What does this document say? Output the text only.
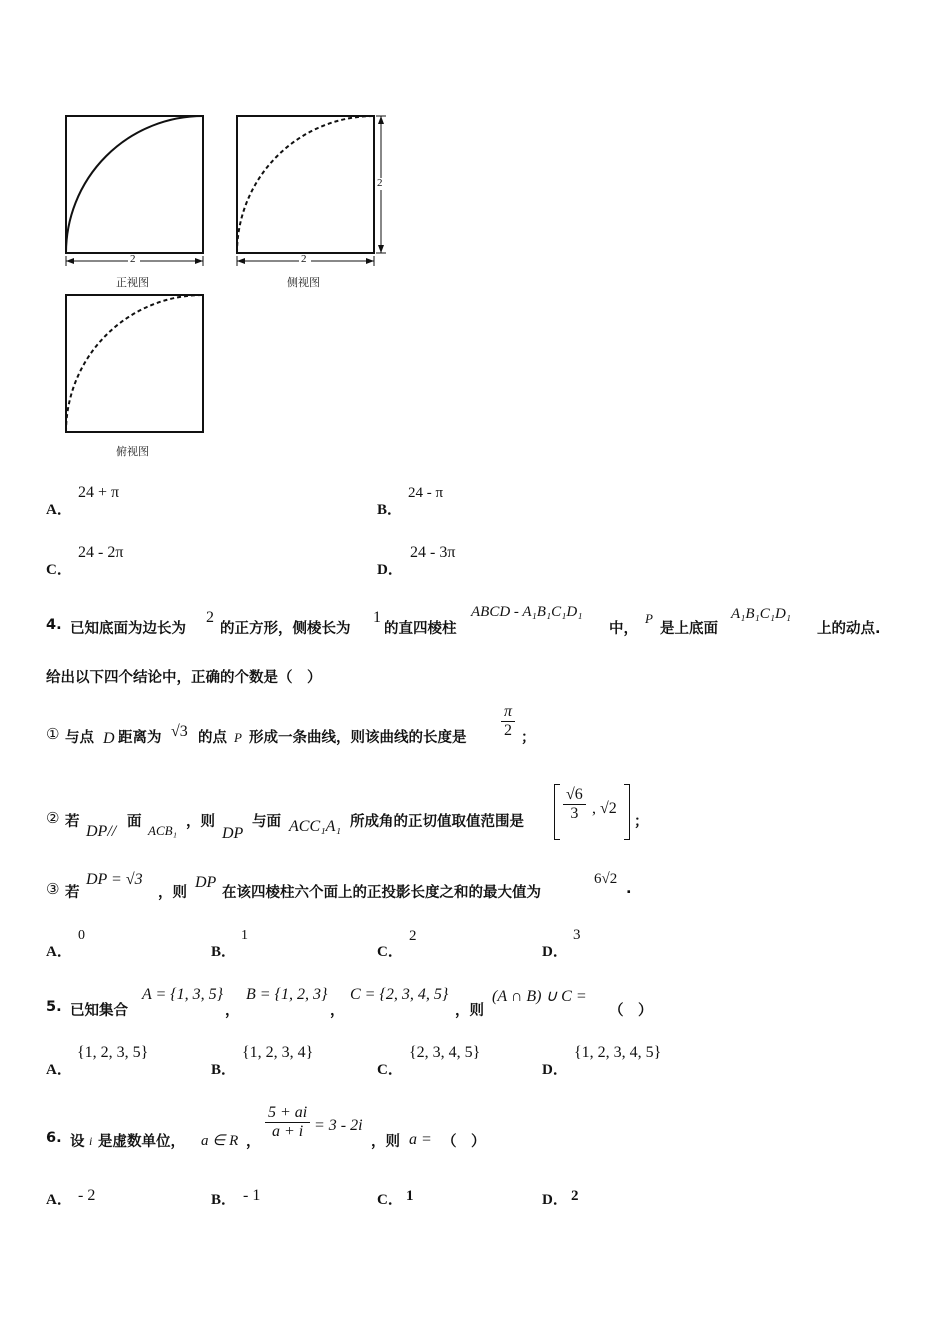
2	2
2
正视图	侧视图
俯视图
A．
24 + π
B．
24 - π
C．
24 - 2π
D．
24 - 3π
4. 已知底面为边长为
2
的正方形，侧棱长为
1
的直四棱柱
ABCD - A₁B₁C₁D₁
中，
P
是上底面
A₁B₁C₁D₁
上的动点.
给出以下四个结论中，正确的个数是（　）
① 与点 D 距离为 √3 的点 P 形成一条曲线，则该曲线的长度是 $\frac{\pi}{2}$ ；
② 若
DP//
面
ACB₁
，则
DP
与面 ACC₁A₁ 所成角的正切值取值范围是 $\frac{√6}{3}$ , √2
；
③ 若
DP = √3
，则
DP
在该四棱柱六个面上的正投影长度之和的最大值为
6√2
.
A．
0
B．
1
C．
2
D．
3
5. 已知集合
A = {1, 3, 5}
，
B = {1, 2, 3}
，
C = {2, 3, 4, 5}
，则
(A ∩ B) ∪ C =
（　）
A．
{1, 2, 3, 5}
B．
{1, 2, 3, 4}
C．
{2, 3, 4, 5}
D．
{1, 2, 3, 4, 5}
6. 设 i 是虚数单位， a ∈ R ，
$\frac{5 + ai}{a + i} = 3 - 2i$
，则 a = （　）
A． - 2	B． - 1	C． 1	D． 2
